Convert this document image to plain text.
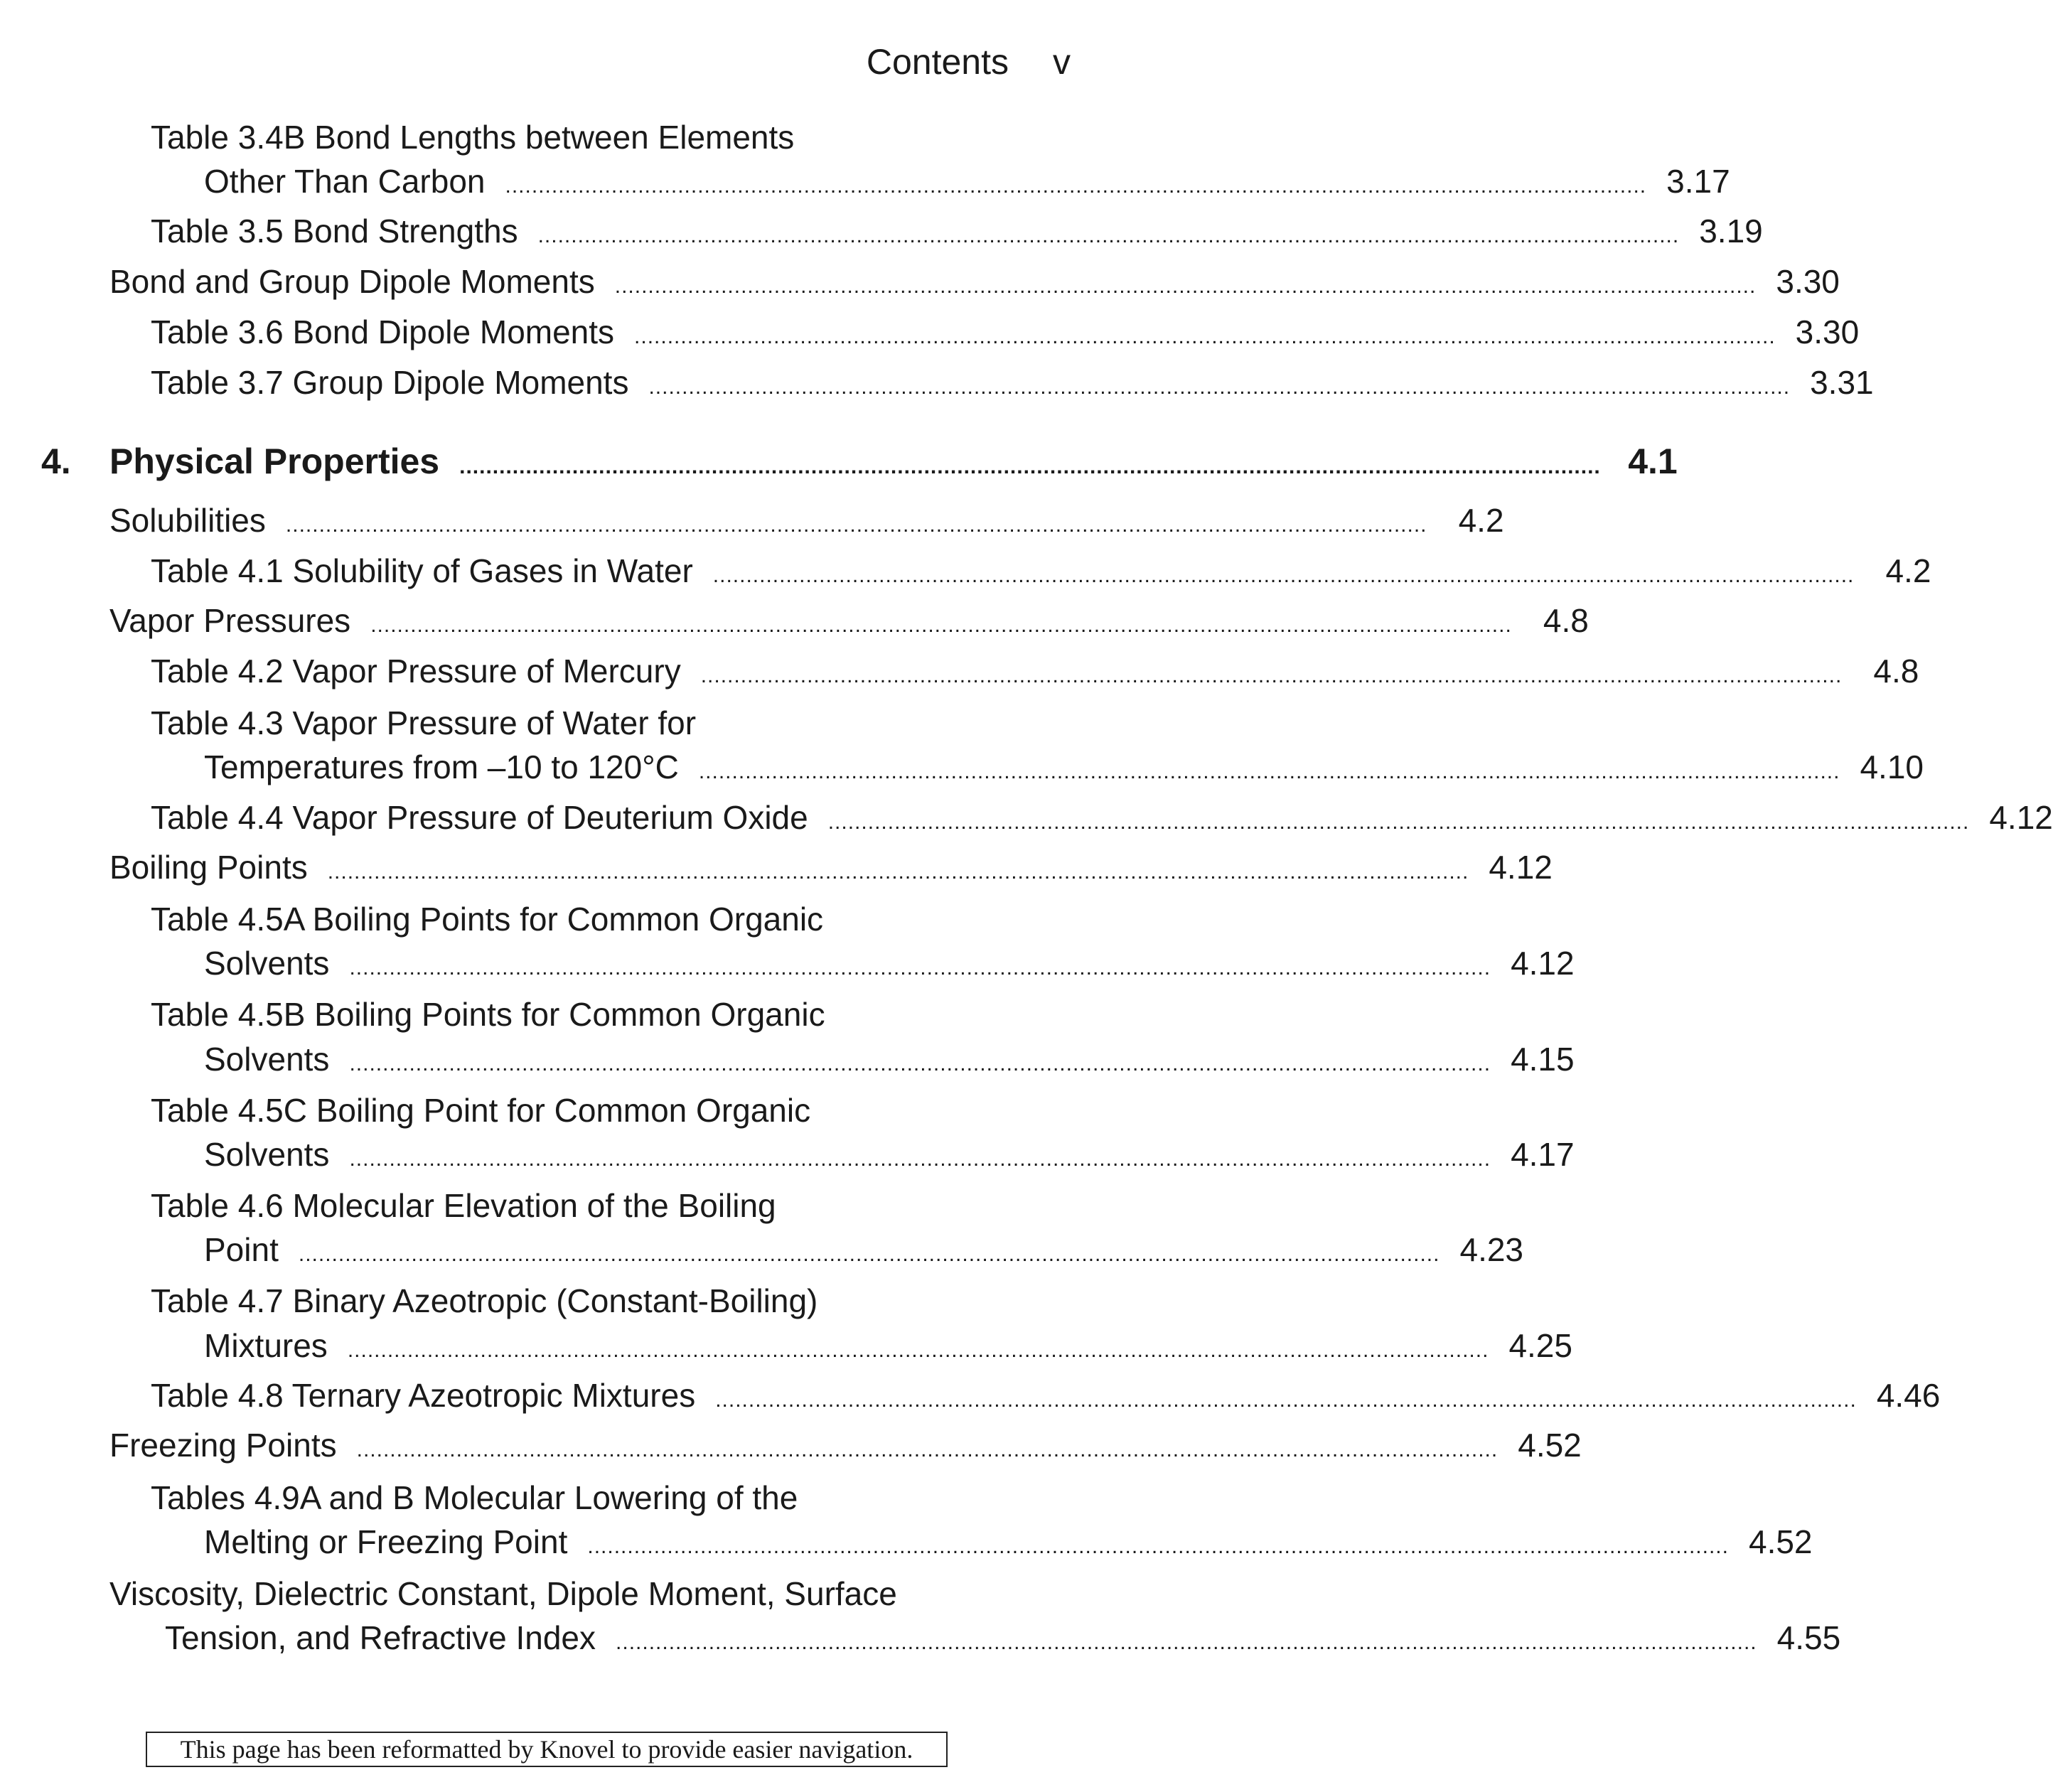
Contents v
Table 3.4B Bond Lengths between Elements
Other Than Carbon ............................................................................................................................................................................ 3.17
Table 3.5 Bond Strengths ............................................................................................................................................................................ 3.19
Bond and Group Dipole Moments ............................................................................................................................................................................ 3.30
Table 3.6 Bond Dipole Moments ............................................................................................................................................................................ 3.30
Table 3.7 Group Dipole Moments ............................................................................................................................................................................ 3.31
4. Physical Properties ............................................................................................................................................................................ 4.1
Solubilities ............................................................................................................................................................................ 4.2
Table 4.1 Solubility of Gases in Water ............................................................................................................................................................................ 4.2
Vapor Pressures ............................................................................................................................................................................ 4.8
Table 4.2 Vapor Pressure of Mercury ............................................................................................................................................................................ 4.8
Table 4.3 Vapor Pressure of Water for
Temperatures from –10 to 120°C ............................................................................................................................................................................ 4.10
Table 4.4 Vapor Pressure of Deuterium Oxide ............................................................................................................................................................................ 4.12
Boiling Points ............................................................................................................................................................................ 4.12
Table 4.5A Boiling Points for Common Organic
Solvents ............................................................................................................................................................................ 4.12
Table 4.5B Boiling Points for Common Organic
Solvents ............................................................................................................................................................................ 4.15
Table 4.5C Boiling Point for Common Organic
Solvents ............................................................................................................................................................................ 4.17
Table 4.6 Molecular Elevation of the Boiling
Point ............................................................................................................................................................................ 4.23
Table 4.7 Binary Azeotropic (Constant-Boiling)
Mixtures ............................................................................................................................................................................ 4.25
Table 4.8 Ternary Azeotropic Mixtures ............................................................................................................................................................................ 4.46
Freezing Points ............................................................................................................................................................................ 4.52
Tables 4.9A and B Molecular Lowering of the
Melting or Freezing Point ............................................................................................................................................................................ 4.52
Viscosity, Dielectric Constant, Dipole Moment, Surface
Tension, and Refractive Index ............................................................................................................................................................................ 4.55
This page has been reformatted by Knovel to provide easier navigation.
